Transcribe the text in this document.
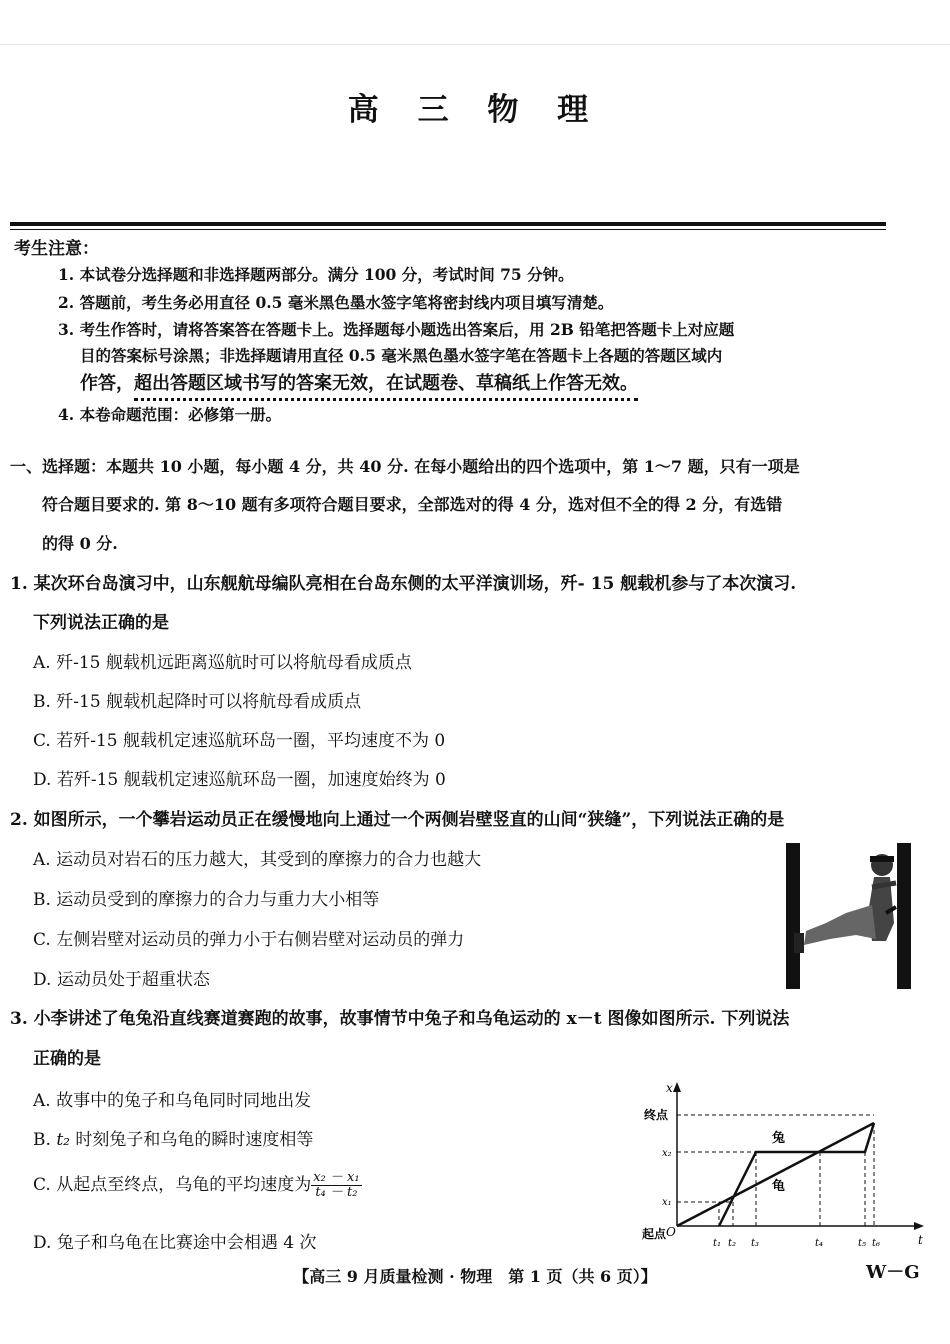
高 三 物 理
考生注意：
1. 本试卷分选择题和非选择题两部分。满分 100 分，考试时间 75 分钟。
2. 答题前，考生务必用直径 0.5 毫米黑色墨水签字笔将密封线内项目填写清楚。
3. 考生作答时，请将答案答在答题卡上。选择题每小题选出答案后，用 2B 铅笔把答题卡上对应题
目的答案标号涂黑；非选择题请用直径 0.5 毫米黑色墨水签字笔在答题卡上各题的答题区域内
作答，超出答题区域书写的答案无效，在试题卷、草稿纸上作答无效。
4. 本卷命题范围：必修第一册。
一、选择题：本题共 10 小题，每小题 4 分，共 40 分. 在每小题给出的四个选项中，第 1～7 题，只有一项是
符合题目要求的. 第 8～10 题有多项符合题目要求，全部选对的得 4 分，选对但不全的得 2 分，有选错
的得 0 分.
1. 某次环台岛演习中，山东舰航母编队亮相在台岛东侧的太平洋演训场，歼- 15 舰载机参与了本次演习.
下列说法正确的是
A. 歼-15 舰载机远距离巡航时可以将航母看成质点
B. 歼-15 舰载机起降时可以将航母看成质点
C. 若歼-15 舰载机定速巡航环岛一圈，平均速度不为 0
D. 若歼-15 舰载机定速巡航环岛一圈，加速度始终为 0
2. 如图所示，一个攀岩运动员正在缓慢地向上通过一个两侧岩壁竖直的山间“狭缝”，下列说法正确的是
A. 运动员对岩石的压力越大，其受到的摩擦力的合力也越大
B. 运动员受到的摩擦力的合力与重力大小相等
C. 左侧岩壁对运动员的弹力小于右侧岩壁对运动员的弹力
D. 运动员处于超重状态
3. 小李讲述了龟兔沿直线赛道赛跑的故事，故事情节中兔子和乌龟运动的 x－t 图像如图所示. 下列说法
正确的是
A. 故事中的兔子和乌龟同时同地出发
B. t₂ 时刻兔子和乌龟的瞬时速度相等
C. 从起点至终点，乌龟的平均速度为 $\frac{\text{x₂ － x₁}}{\text{t₄ － t₂}}$
D. 兔子和乌龟在比赛途中会相遇 4 次
x
t
终点
起点 O
x₂
x₁
兔
龟
t₁ t₂ t₃	t₄	t₅ t₆
【高三 9 月质量检测 · 物理　第 1 页（共 6 页）】	W－G
